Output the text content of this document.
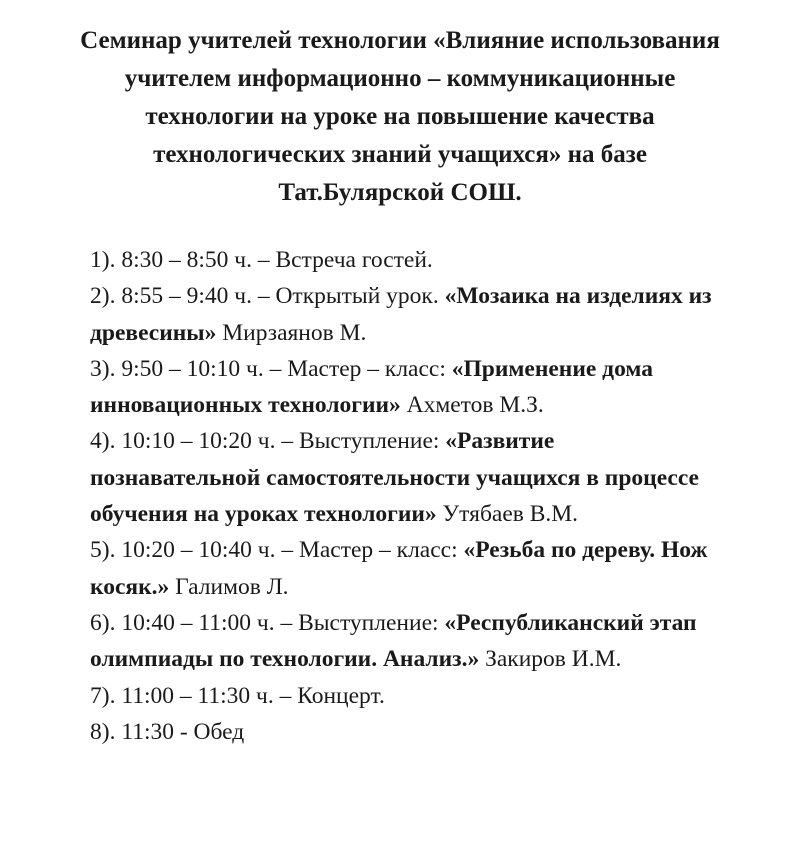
Семинар учителей технологии «Влияние использования учителем информационно – коммуникационные технологии на уроке на повышение качества технологических знаний учащихся» на базе Тат.Булярской СОШ.
1). 8:30 – 8:50 ч. – Встреча гостей.
2). 8:55 – 9:40 ч. – Открытый урок. «Мозаика на изделиях из древесины» Мирзаянов М.
3). 9:50 – 10:10 ч. – Мастер – класс: «Применение дома инновационных технологии» Ахметов М.З.
4). 10:10 – 10:20 ч. – Выступление: «Развитие познавательной самостоятельности учащихся в процессе обучения на уроках технологии» Утябаев В.М.
5). 10:20 – 10:40 ч. – Мастер – класс: «Резьба по дереву. Нож косяк.» Галимов Л.
6). 10:40 – 11:00 ч. – Выступление: «Республиканский этап олимпиады по технологии. Анализ.» Закиров И.М.
7). 11:00 – 11:30 ч. – Концерт.
8). 11:30 - Обед
